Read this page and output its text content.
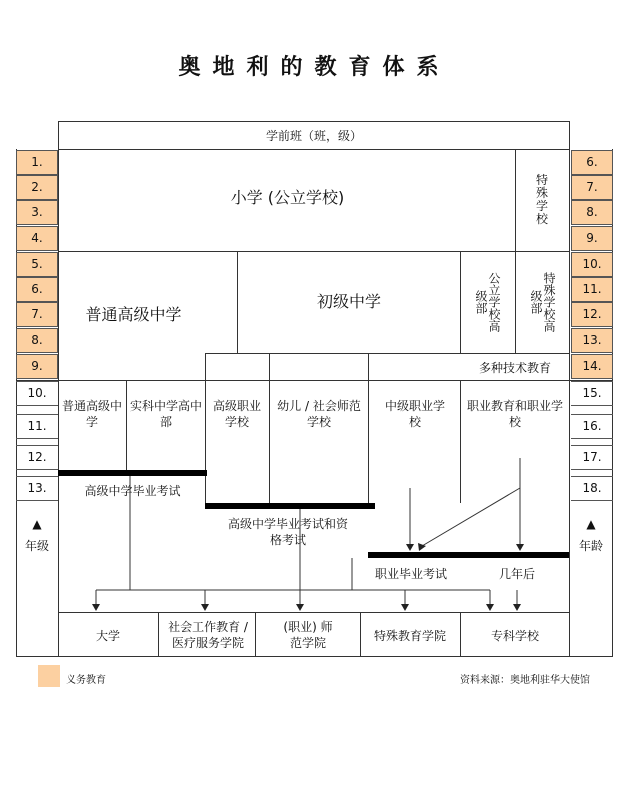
奥地利的教育体系
学前班（班，级）
1.
2.
3.
4.
5.
6.
7.
8.
9.
10.
11.
12.
13.
6.
7.
8.
9.
10.
11.
12.
13.
14.
15.
16.
17.
18.
▲
年级
▲
年龄
小学 (公立学校)
特殊学校
普通高级中学
初级中学	公立学校高级部	特殊学校高级部
多种技术教育
普通高级中学
实科中学高中部
高级职业学校
幼儿 / 社会师范学校
中级职业学校
职业教育和职业学校
高级中学毕业考试
高级中学毕业考试和资格考试
职业毕业考试	几年后
大学
社会工作教育 / 医疗服务学院
(职业) 师范学院	特殊教育学院	专科学校
义务教育	资料来源：奥地利驻华大使馆
